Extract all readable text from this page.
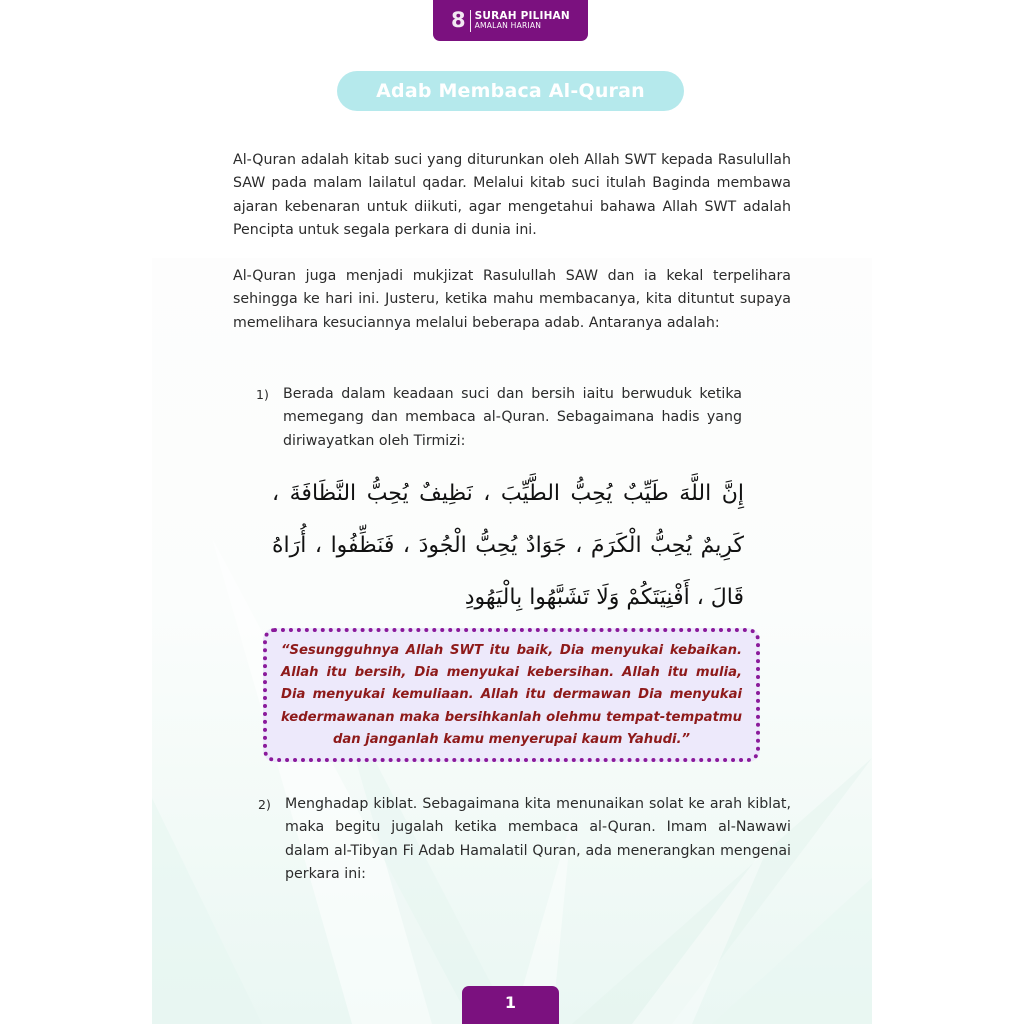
8 SURAH PILIHAN
AMALAN HARIAN
Adab Membaca Al-Quran

Al-Quran adalah kitab suci yang diturunkan oleh Allah SWT kepada Rasulullah SAW pada malam lailatul qadar. Melalui kitab suci itulah Baginda membawa ajaran kebenaran untuk diikuti, agar mengetahui bahawa Allah SWT adalah Pencipta untuk segala perkara di dunia ini.

Al-Quran juga menjadi mukjizat Rasulullah SAW dan ia kekal terpelihara sehingga ke hari ini. Justeru, ketika mahu membacanya, kita dituntut supaya memelihara kesuciannya melalui beberapa adab. Antaranya adalah:

1) Berada dalam keadaan suci dan bersih iaitu berwuduk ketika memegang dan membaca al-Quran. Sebagaimana hadis yang diriwayatkan oleh Tirmizi:
إِنَّ اللَّهَ طَيِّبٌ يُحِبُّ الطَّيِّبَ ، نَظِيفٌ يُحِبُّ النَّظَافَةَ ، كَرِيمٌ يُحِبُّ الْكَرَمَ ، جَوَادٌ يُحِبُّ الْجُودَ ، فَنَظِّفُوا ، أُرَاهُ قَالَ ، أَفْنِيَتَكُمْ وَلَا تَشَبَّهُوا بِالْيَهُودِ

“Sesungguhnya Allah SWT itu baik, Dia menyukai kebaikan. Allah itu bersih, Dia menyukai kebersihan. Allah itu mulia, Dia menyukai kemuliaan. Allah itu dermawan Dia menyukai kedermawanan maka bersihkanlah olehmu tempat-tempatmu dan janganlah kamu menyerupai kaum Yahudi.”

2) Menghadap kiblat. Sebagaimana kita menunaikan solat ke arah kiblat, maka begitu jugalah ketika membaca al-Quran. Imam al-Nawawi dalam al-Tibyan Fi Adab Hamalatil Quran, ada menerangkan mengenai perkara ini:
1
